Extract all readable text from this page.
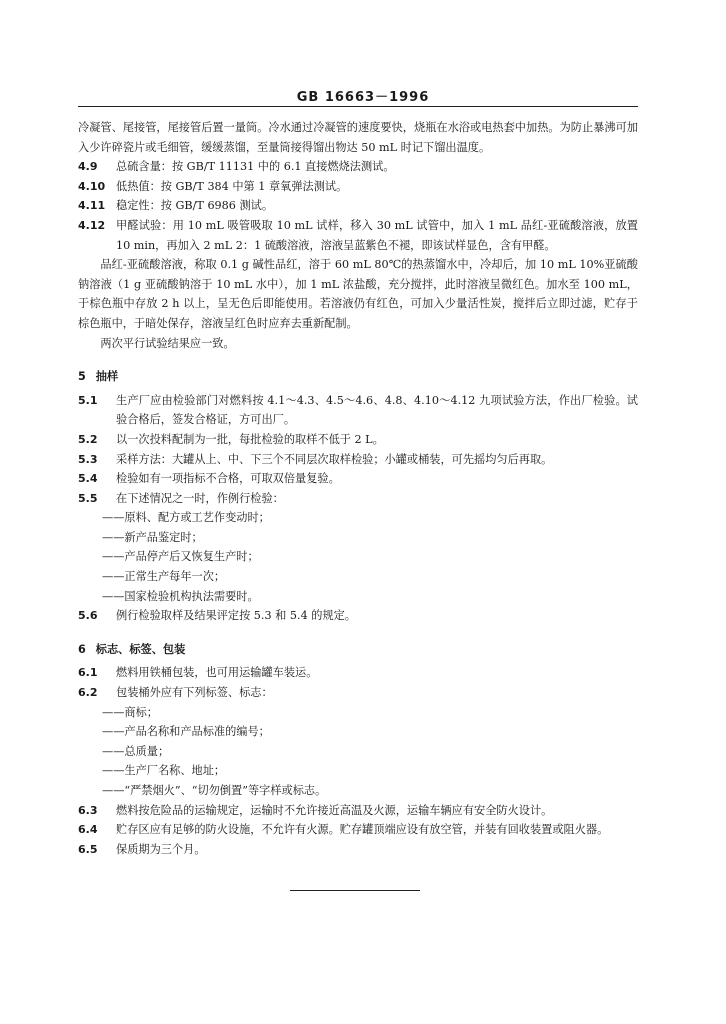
GB 16663－1996

冷凝管、尾接管，尾接管后置一量筒。冷水通过冷凝管的速度要快，烧瓶在水浴或电热套中加热。为防止暴沸可加入少许碎瓷片或毛细管，缓缓蒸馏，至量筒接得馏出物达 50 mL 时记下馏出温度。

4.9	总硫含量：按 GB/T 11131 中的 6.1 直接燃烧法测试。
4.10 低热值：按 GB/T 384 中第 1 章氧弹法测试。
4.11 稳定性：按 GB/T 6986 测试。
4.12 甲醛试验：用 10 mL 吸管吸取 10 mL 试样，移入 30 mL 试管中，加入 1 mL 品红-亚硫酸溶液，放置 10 min，再加入 2 mL 2：1 硫酸溶液，溶液呈蓝紫色不褪，即该试样显色，含有甲醛。

品红-亚硫酸溶液，称取 0.1 g 碱性品红，溶于 60 mL 80℃的热蒸馏水中，冷却后，加 10 mL 10%亚硫酸钠溶液（1 g 亚硫酸钠溶于 10 mL 水中），加 1 mL 浓盐酸，充分搅拌，此时溶液呈微红色。加水至 100 mL，于棕色瓶中存放 2 h 以上，呈无色后即能使用。若溶液仍有红色，可加入少量活性炭，搅拌后立即过滤，贮存于棕色瓶中，于暗处保存，溶液呈红色时应弃去重新配制。

两次平行试验结果应一致。

5 抽样
5.1	生产厂应由检验部门对燃料按 4.1～4.3、4.5～4.6、4.8、4.10～4.12 九项试验方法，作出厂检验。试验合格后，签发合格证，方可出厂。
5.2	以一次投料配制为一批，每批检验的取样不低于 2 L。
5.3	采样方法：大罐从上、中、下三个不同层次取样检验；小罐或桶装，可先摇均匀后再取。
5.4	检验如有一项指标不合格，可取双倍量复验。
5.5	在下述情况之一时，作例行检验：

——原料、配方或工艺作变动时；

——新产品鉴定时；

——产品停产后又恢复生产时；

——正常生产每年一次；

——国家检验机构执法需要时。

5.6	例行检验取样及结果评定按 5.3 和 5.4 的规定。
6 标志、标签、包装
6.1	燃料用铁桶包装，也可用运输罐车装运。
6.2	包装桶外应有下列标签、标志：

——商标；

——产品名称和产品标准的编号；

——总质量；

——生产厂名称、地址；

——“严禁烟火”、“切勿倒置”等字样或标志。

6.3	燃料按危险品的运输规定，运输时不允许接近高温及火源，运输车辆应有安全防火设计。
6.4	贮存区应有足够的防火设施，不允许有火源。贮存罐顶端应设有放空管，并装有回收装置或阻火器。
6.5	保质期为三个月。
